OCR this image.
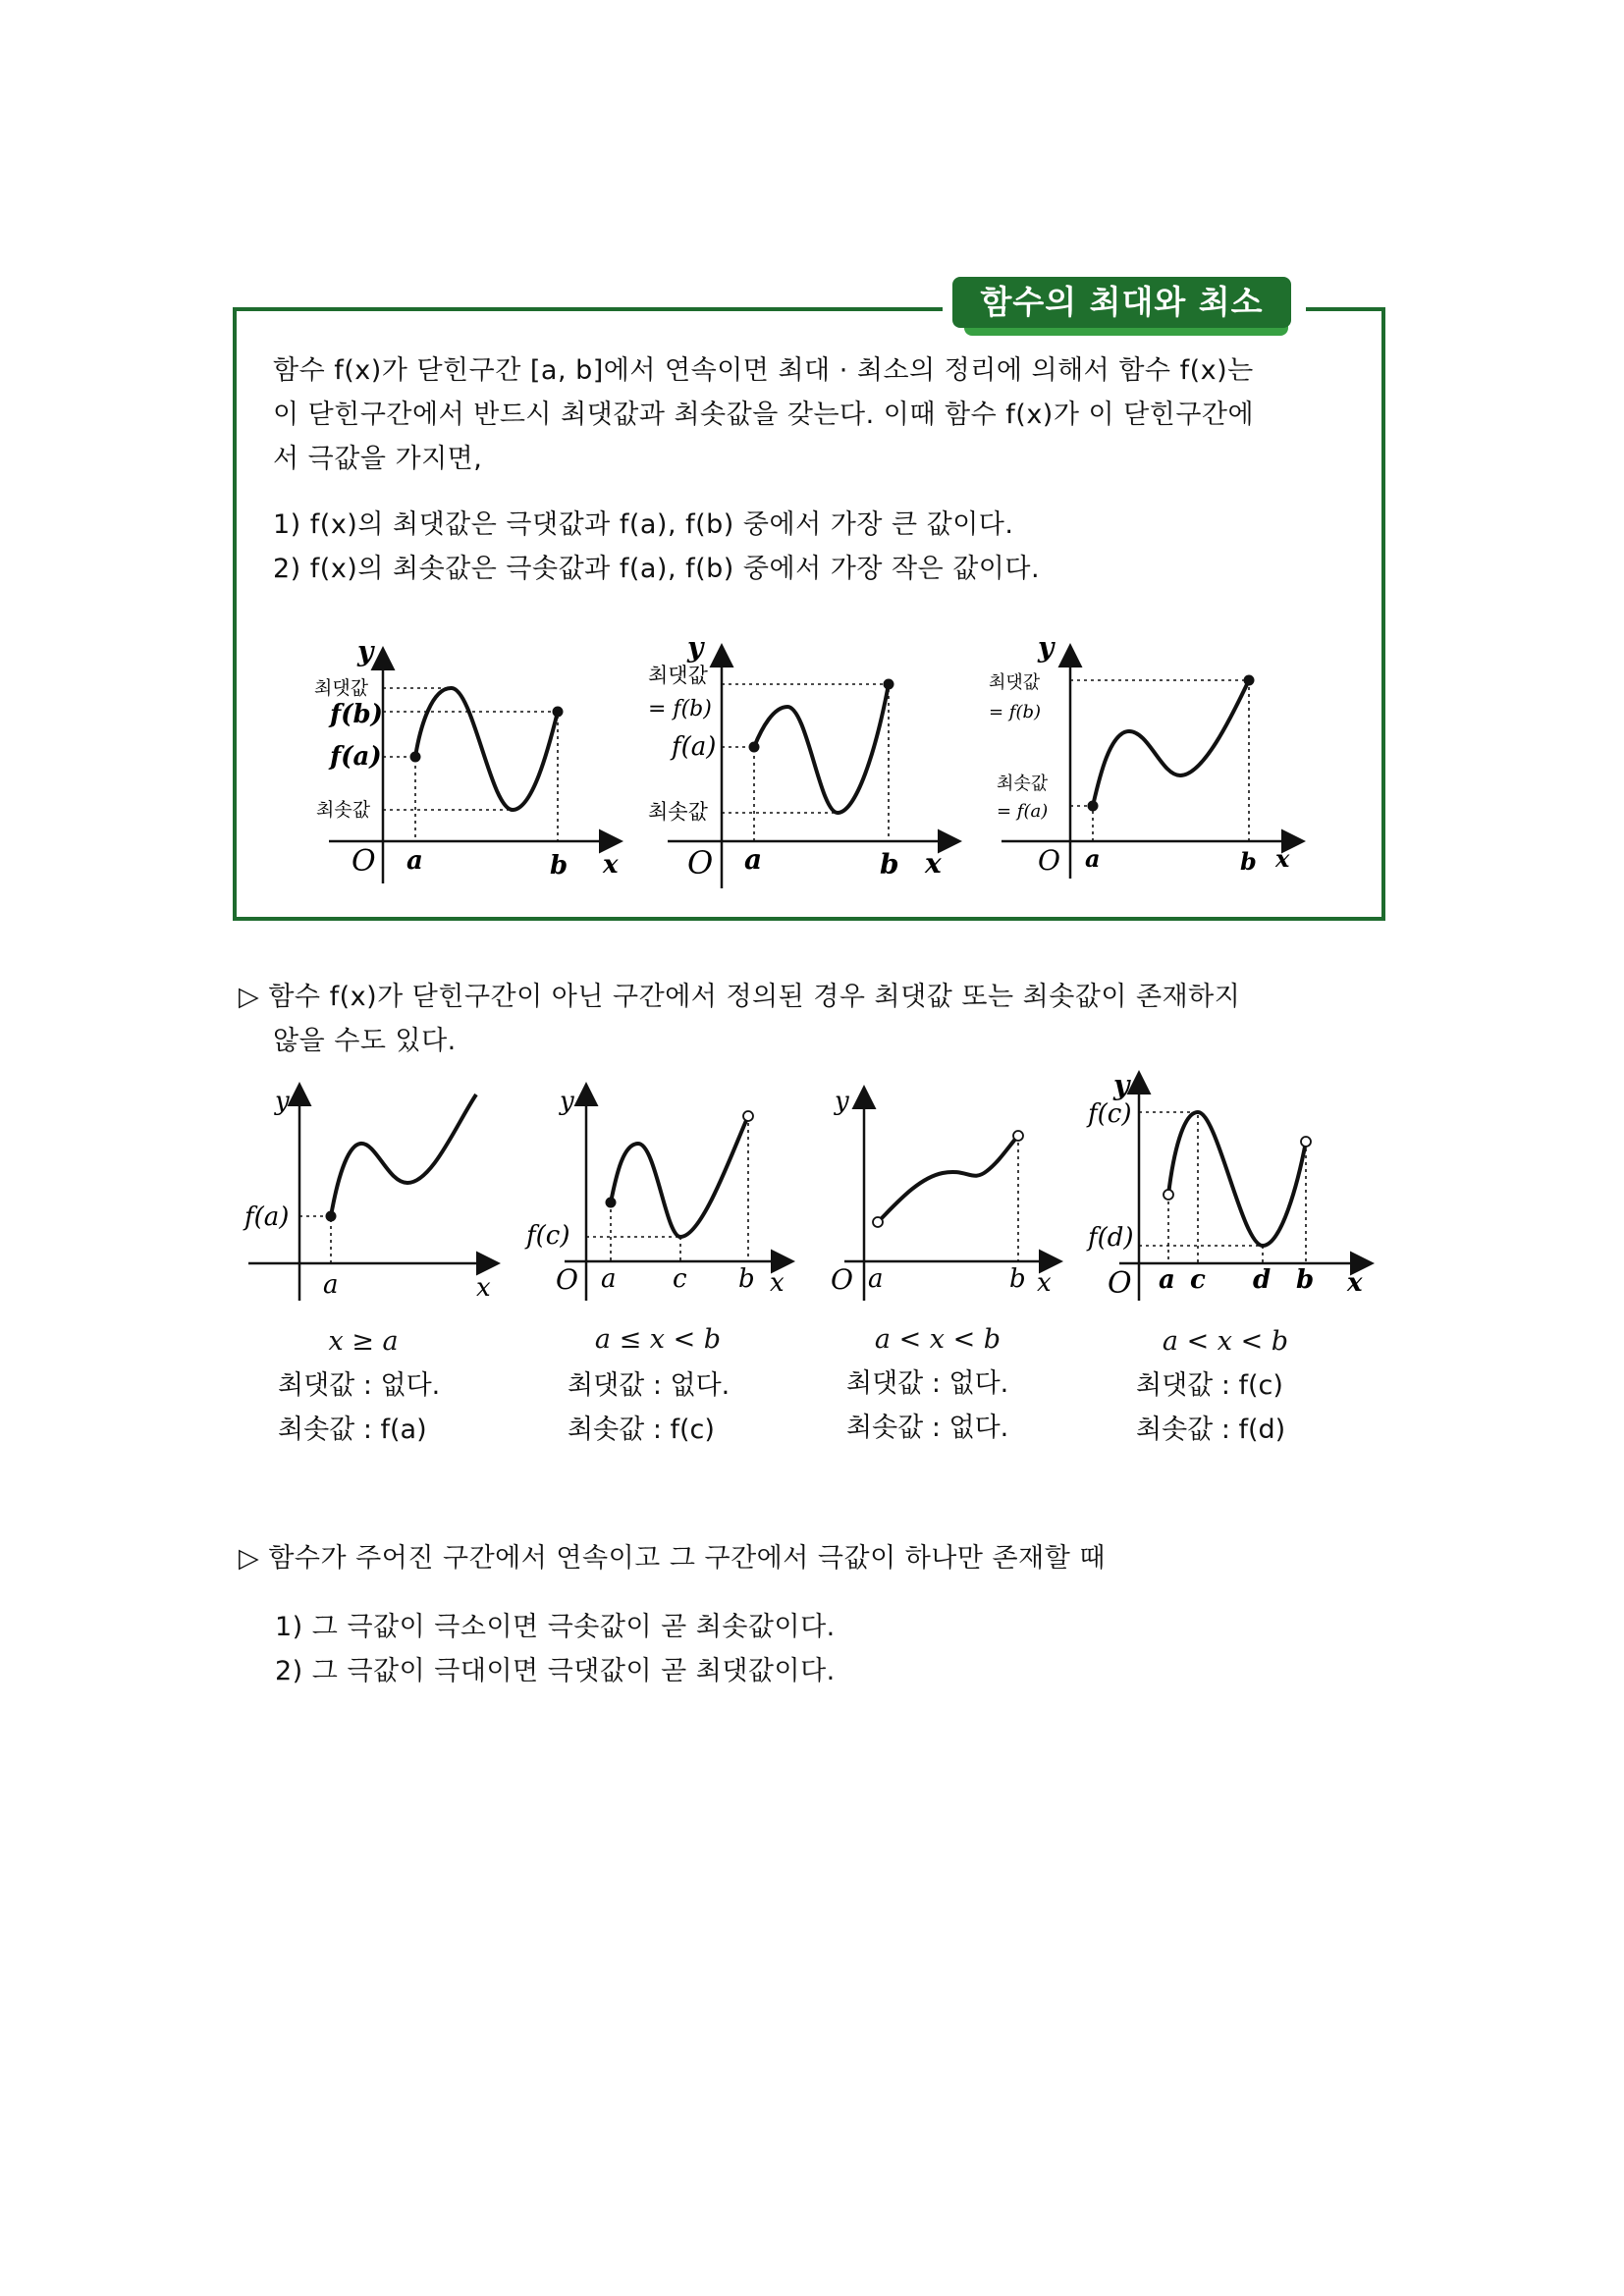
함수의 최대와 최소
함수 f(x)가 닫힌구간 [a, b]에서 연속이면 최대 · 최소의 정리에 의해서 함수 f(x)는
이 닫힌구간에서 반드시 최댓값과 최솟값을 갖는다. 이때 함수 f(x)가 이 닫힌구간에
서 극값을 가지면,
1) f(x)의 최댓값은 극댓값과 f(a), f(b) 중에서 가장 큰 값이다.
2) f(x)의 최솟값은 극솟값과 f(a), f(b) 중에서 가장 작은 값이다.
y
최댓값
f(b)
f(a)
최솟값
O a	b x
y
최댓값
= f(b)
f(a)
최솟값
O a	b x
y
최댓값
= f(b)
최솟값
= f(a)
O a	b x
▷ 함수 f(x)가 닫힌구간이 아닌 구간에서 정의된 경우 최댓값 또는 최솟값이 존재하지
않을 수도 있다.
y
f(a)
a	x
y
f(c)
O a c b x
y
O a	b x
y
f(c)
f(d)
O a c d b x
x ≥ a
최댓값 : 없다.
최솟값 : f(a)
a ≤ x < b
최댓값 : 없다.
최솟값 : f(c)
a < x < b
최댓값 : 없다.
최솟값 : 없다.
a < x < b
최댓값 : f(c)
최솟값 : f(d)
▷ 함수가 주어진 구간에서 연속이고 그 구간에서 극값이 하나만 존재할 때
1) 그 극값이 극소이면 극솟값이 곧 최솟값이다.
2) 그 극값이 극대이면 극댓값이 곧 최댓값이다.
